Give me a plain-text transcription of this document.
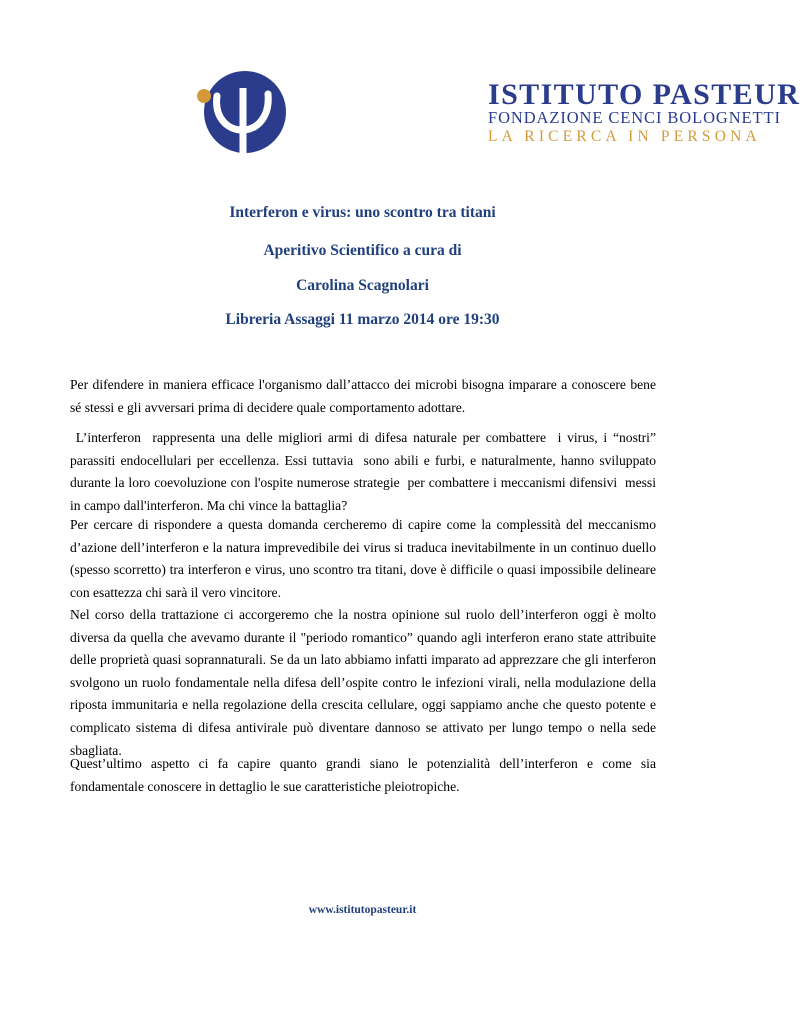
ISTITUTO PASTEUR
FONDAZIONE CENCI BOLOGNETTI
LA RICERCA IN PERSONA
Interferon e virus: uno scontro tra titani
Aperitivo Scientifico a cura di
Carolina Scagnolari
Libreria Assaggi 11 marzo 2014 ore 19:30
Per difendere in maniera efficace l'organismo dall’attacco dei microbi bisogna imparare a conoscere bene sé stessi e gli avversari prima di decidere quale comportamento adottare.
L’interferon  rappresenta una delle migliori armi di difesa naturale per combattere  i virus, i “nostri” parassiti endocellulari per eccellenza. Essi tuttavia  sono abili e furbi, e naturalmente, hanno sviluppato durante la loro coevoluzione con l'ospite numerose strategie  per combattere i meccanismi difensivi  messi in campo dall'interferon. Ma chi vince la battaglia?
Per cercare di rispondere a questa domanda cercheremo di capire come la complessità del meccanismo d’azione dell’interferon e la natura imprevedibile dei virus si traduca inevitabilmente in un continuo duello (spesso scorretto) tra interferon e virus, uno scontro tra titani, dove è difficile o quasi impossibile delineare con esattezza chi sarà il vero vincitore.
Nel corso della trattazione ci accorgeremo che la nostra opinione sul ruolo dell’interferon oggi è molto diversa da quella che avevamo durante il "periodo romantico” quando agli interferon erano state attribuite delle proprietà quasi soprannaturali. Se da un lato abbiamo infatti imparato ad apprezzare che gli interferon svolgono un ruolo fondamentale nella difesa dell’ospite contro le infezioni virali, nella modulazione della riposta immunitaria e nella regolazione della crescita cellulare, oggi sappiamo anche che questo potente e complicato sistema di difesa antivirale può diventare dannoso se attivato per lungo tempo o nella sede sbagliata.
Quest’ultimo aspetto ci fa capire quanto grandi siano le potenzialità dell’interferon e come sia fondamentale conoscere in dettaglio le sue caratteristiche pleiotropiche.
www.istitutopasteur.it
